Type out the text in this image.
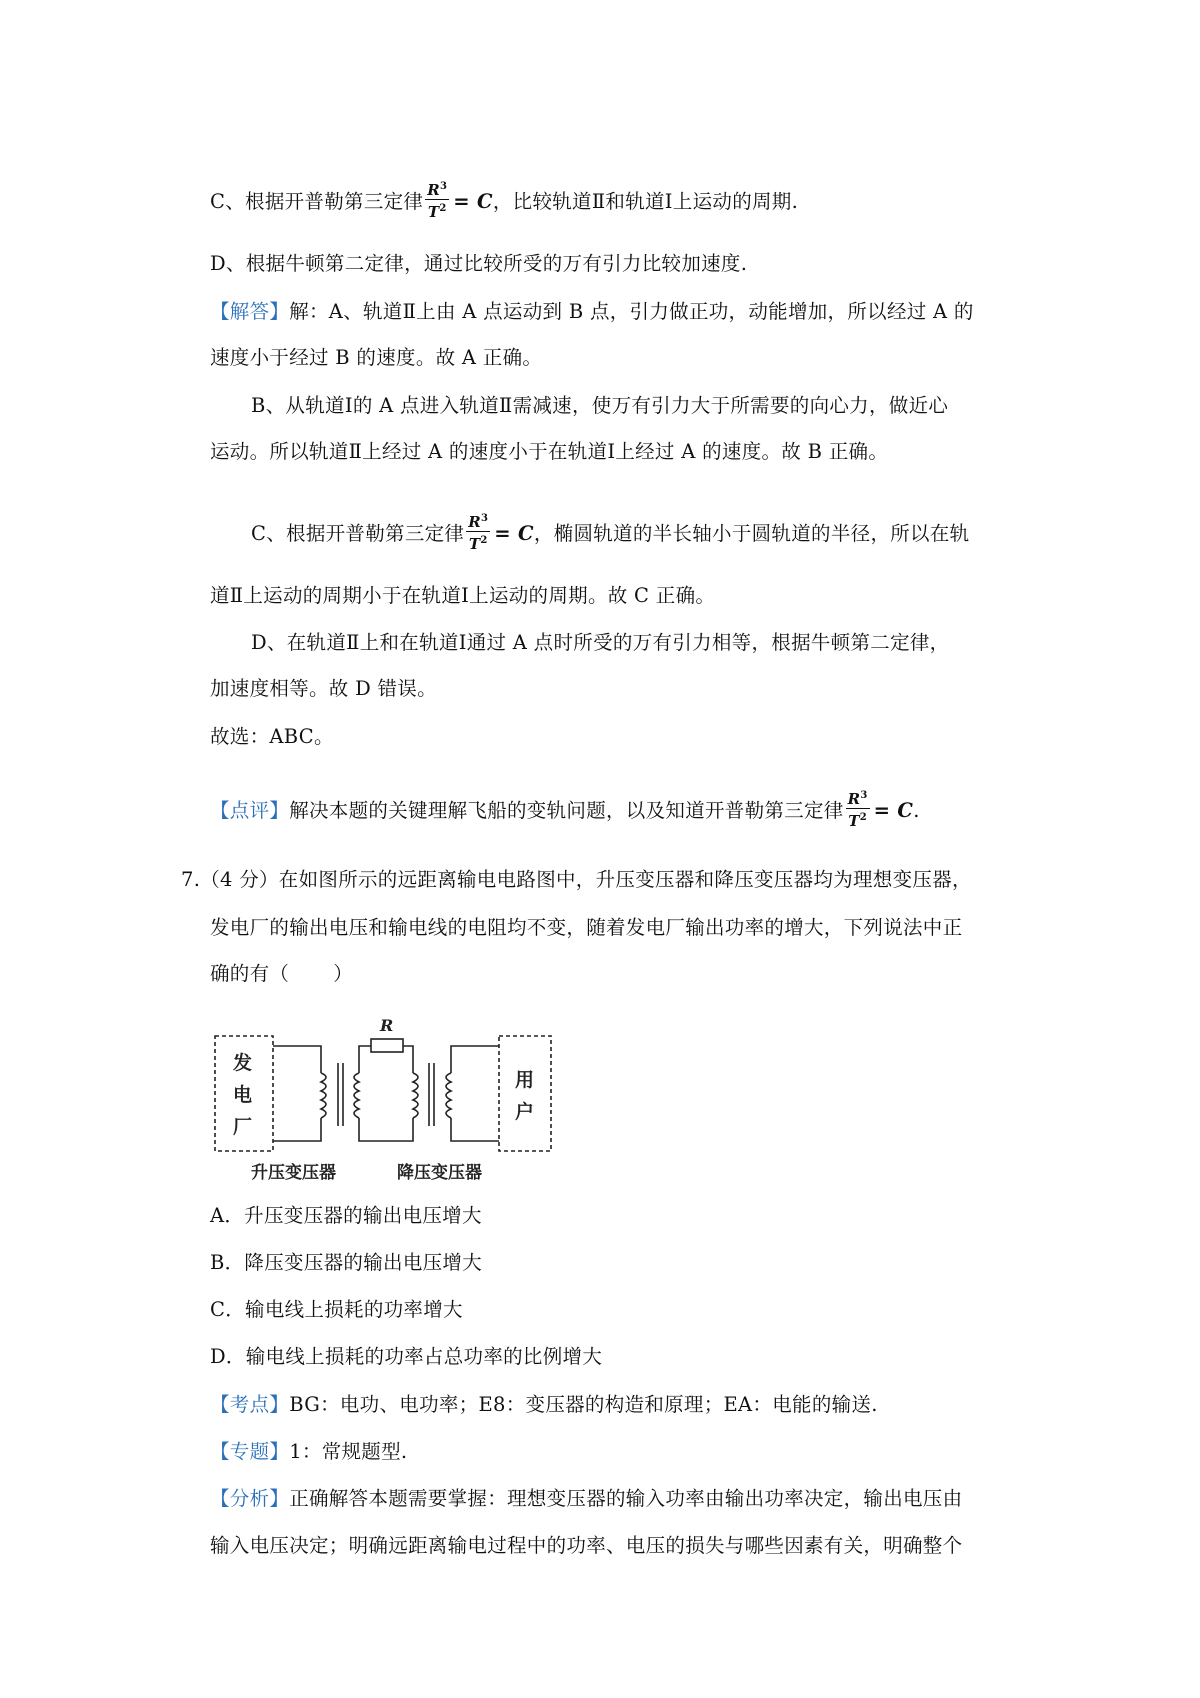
C、根据开普勒第三定律 $\frac{R^3}{T^2} = C$，比较轨道Ⅱ和轨道Ⅰ上运动的周期.
D、根据牛顿第二定律，通过比较所受的万有引力比较加速度.
【解答】解：A、轨道Ⅱ上由 A 点运动到 B 点，引力做正功，动能增加，所以经过 A 的
速度小于经过 B 的速度。故 A 正确。
B、从轨道Ⅰ的 A 点进入轨道Ⅱ需减速，使万有引力大于所需要的向心力，做近心
运动。所以轨道Ⅱ上经过 A 的速度小于在轨道Ⅰ上经过 A 的速度。故 B 正确。
C、根据开普勒第三定律 $\frac{R^3}{T^2} = C$，椭圆轨道的半长轴小于圆轨道的半径，所以在轨
道Ⅱ上运动的周期小于在轨道Ⅰ上运动的周期。故 C 正确。
D、在轨道Ⅱ上和在轨道Ⅰ通过 A 点时所受的万有引力相等，根据牛顿第二定律，
加速度相等。故 D 错误。
故选：ABC。
【点评】解决本题的关键理解飞船的变轨问题，以及知道开普勒第三定律 $\frac{R^3}{T^2} = C$.
7.（4 分）在如图所示的远距离输电电路图中，升压变压器和降压变压器均为理想变压器，
发电厂的输出电压和输电线的电阻均不变，随着发电厂输出功率的增大，下列说法中正
确的有（ ）
R
发
电
厂
用
户
升压变压器	降压变压器
A．升压变压器的输出电压增大
B．降压变压器的输出电压增大
C．输电线上损耗的功率增大
D．输电线上损耗的功率占总功率的比例增大
【考点】BG：电功、电功率；E8：变压器的构造和原理；EA：电能的输送.
【专题】1：常规题型.
【分析】正确解答本题需要掌握：理想变压器的输入功率由输出功率决定，输出电压由
输入电压决定；明确远距离输电过程中的功率、电压的损失与哪些因素有关，明确整个
